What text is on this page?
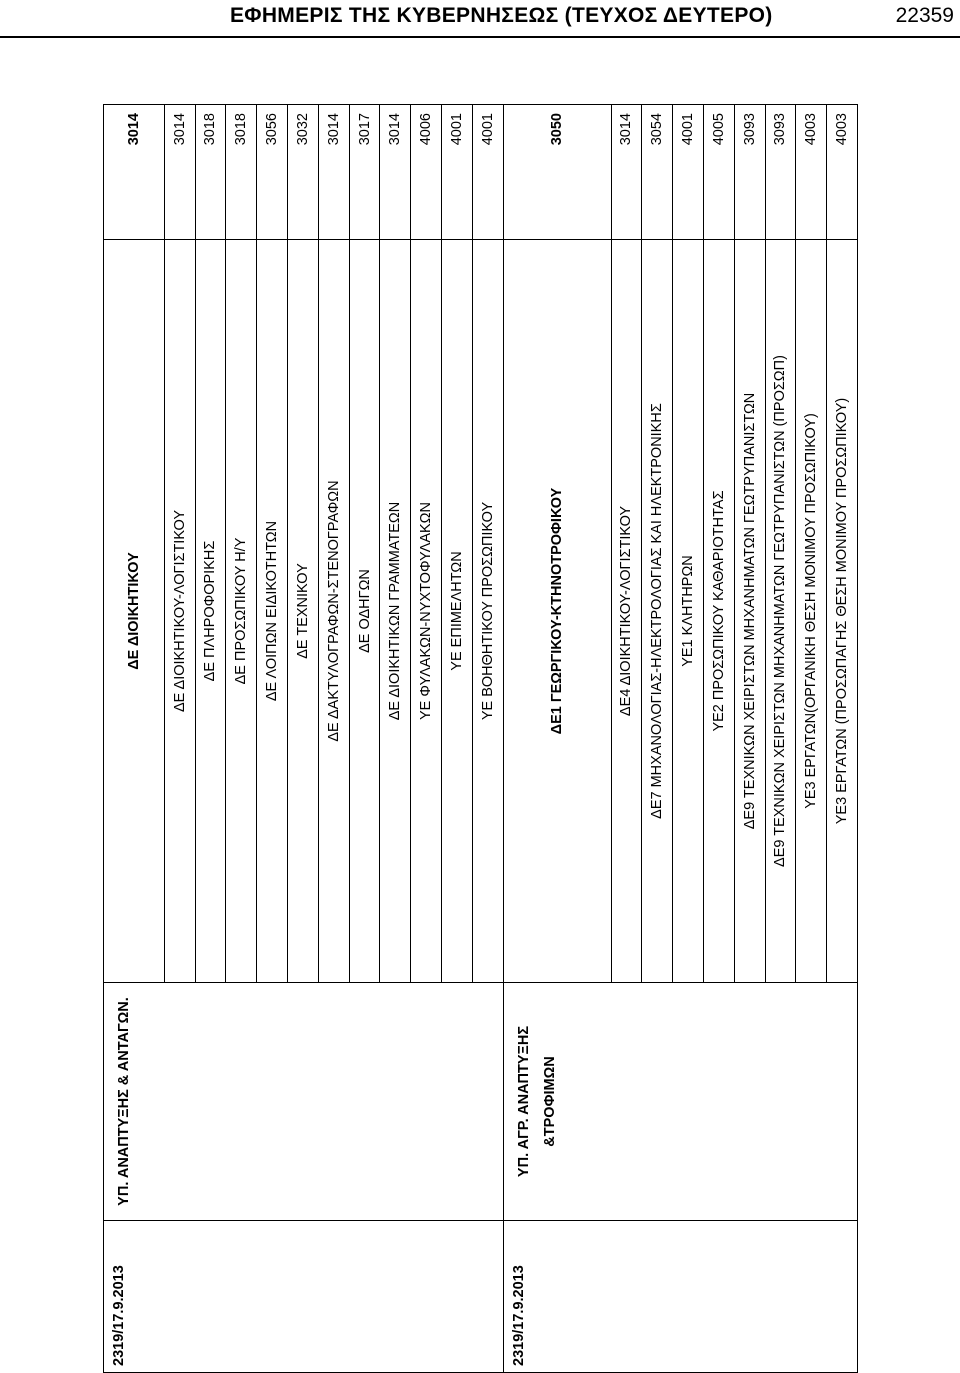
ΕΦΗΜΕΡΙΣ ΤΗΣ ΚΥΒΕΡΝΗΣΕΩΣ (ΤΕΥΧΟΣ ΔΕΥΤΕΡΟ)	22359
2319/17.9.2013	ΥΠ. ΑΝΑΠΤΥΞΗΣ & ΑΝΤΑΓΩΝ.	ΔΕ ΔΙΟΙΚΗΤΙΚΟΥ	3014
		ΔΕ ΔΙΟΙΚΗΤΙΚΟΥ-ΛΟΓΙΣΤΙΚΟΥ	3014
		ΔΕ ΠΛΗΡΟΦΟΡΙΚΗΣ	3018
		ΔΕ ΠΡΟΣΩΠΙΚΟΥ Η/Υ	3018
		ΔΕ ΛΟΙΠΩΝ ΕΙΔΙΚΟΤΗΤΩΝ	3056
		ΔΕ ΤΕΧΝΙΚΟΥ	3032
		ΔΕ ΔΑΚΤΥΛΟΓΡΑΦΩΝ-ΣΤΕΝΟΓΡΑΦΩΝ	3014
		ΔΕ ΟΔΗΓΩΝ	3017
		ΔΕ ΔΙΟΙΚΗΤΙΚΩΝ ΓΡΑΜΜΑΤΕΩΝ	3014
		ΥΕ ΦΥΛΑΚΩΝ-ΝΥΧΤΟΦΥΛΑΚΩΝ	4006
		ΥΕ ΕΠΙΜΕΛΗΤΩΝ	4001
		ΥΕ ΒΟΗΘΗΤΙΚΟΥ ΠΡΟΣΩΠΙΚΟΥ	4001
2319/17.9.2013	ΥΠ. ΑΓΡ. ΑΝΑΠΤΥΞΗΣ &ΤΡΟΦΙΜΩΝ	ΔΕ1 ΓΕΩΡΓΙΚΟΥ-ΚΤΗΝΟΤΡΟΦΙΚΟΥ	3050
		ΔΕ4 ΔΙΟΙΚΗΤΙΚΟΥ-ΛΟΓΙΣΤΙΚΟΥ	3014
		ΔΕ7 ΜΗΧΑΝΟΛΟΓΙΑΣ-ΗΛΕΚΤΡΟΛΟΓΙΑΣ ΚΑΙ ΗΛΕΚΤΡΟΝΙΚΗΣ	3054
		ΥΕ1 ΚΛΗΤΗΡΩΝ	4001
		ΥΕ2 ΠΡΟΣΩΠΙΚΟΥ ΚΑΘΑΡΙΟΤΗΤΑΣ	4005
		ΔΕ9 ΤΕΧΝΙΚΩΝ ΧΕΙΡΙΣΤΩΝ ΜΗΧΑΝΗΜΑΤΩΝ ΓΕΩΤΡΥΠΑΝΙΣΤΩΝ	3093
		ΔΕ9 ΤΕΧΝΙΚΩΝ ΧΕΙΡΙΣΤΩΝ ΜΗΧΑΝΗΜΑΤΩΝ ΓΕΩΤΡΥΠΑΝΙΣΤΩΝ (ΠΡΟΣΩΠ)	3093
		ΥΕ3 ΕΡΓΑΤΩΝ(ΟΡΓΑΝΙΚΗ ΘΕΣΗ ΜΟΝΙΜΟΥ ΠΡΟΣΩΠΙΚΟΥ)	4003
		ΥΕ3 ΕΡΓΑΤΩΝ (ΠΡΟΣΩΠΑΓΗΣ ΘΕΣΗ ΜΟΝΙΜΟΥ ΠΡΟΣΩΠΙΚΟΥ)	4003
